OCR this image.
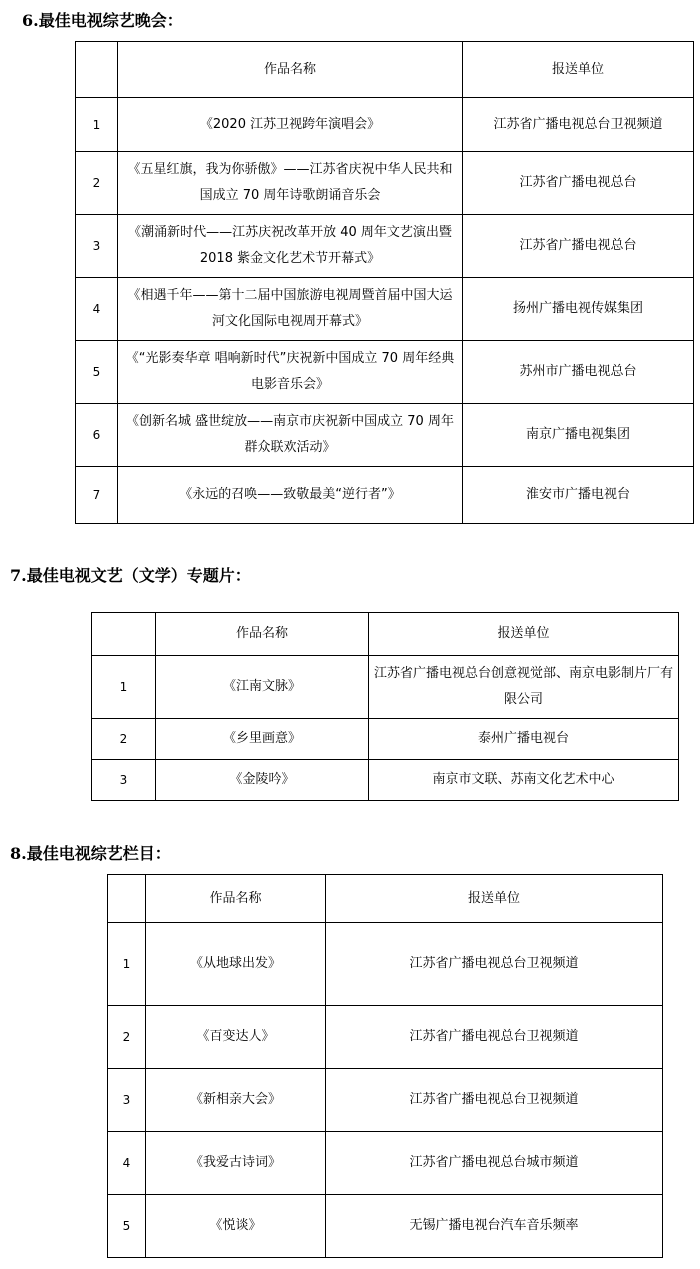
6.最佳电视综艺晚会：
	作品名称	报送单位
1	《2020 江苏卫视跨年演唱会》	江苏省广播电视总台卫视频道
2	《五星红旗，我为你骄傲》——江苏省庆祝中华人民共和国成立 70 周年诗歌朗诵音乐会	江苏省广播电视总台
3	《潮涌新时代——江苏庆祝改革开放 40 周年文艺演出暨 2018 紫金文化艺术节开幕式》	江苏省广播电视总台
4	《相遇千年——第十二届中国旅游电视周暨首届中国大运河文化国际电视周开幕式》	扬州广播电视传媒集团
5	《“光影奏华章 唱响新时代”庆祝新中国成立 70 周年经典电影音乐会》	苏州市广播电视总台
6	《创新名城 盛世绽放——南京市庆祝新中国成立 70 周年群众联欢活动》	南京广播电视集团
7	《永远的召唤——致敬最美“逆行者”》	淮安市广播电视台
7.最佳电视文艺（文学）专题片：
	作品名称	报送单位
1	《江南文脉》	江苏省广播电视总台创意视觉部、南京电影制片厂有限公司
2	《乡里画意》	泰州广播电视台
3	《金陵吟》	南京市文联、苏南文化艺术中心
8.最佳电视综艺栏目：
	作品名称	报送单位
1	《从地球出发》	江苏省广播电视总台卫视频道
2	《百变达人》	江苏省广播电视总台卫视频道
3	《新相亲大会》	江苏省广播电视总台卫视频道
4	《我爱古诗词》	江苏省广播电视总台城市频道
5	《悦谈》	无锡广播电视台汽车音乐频率
